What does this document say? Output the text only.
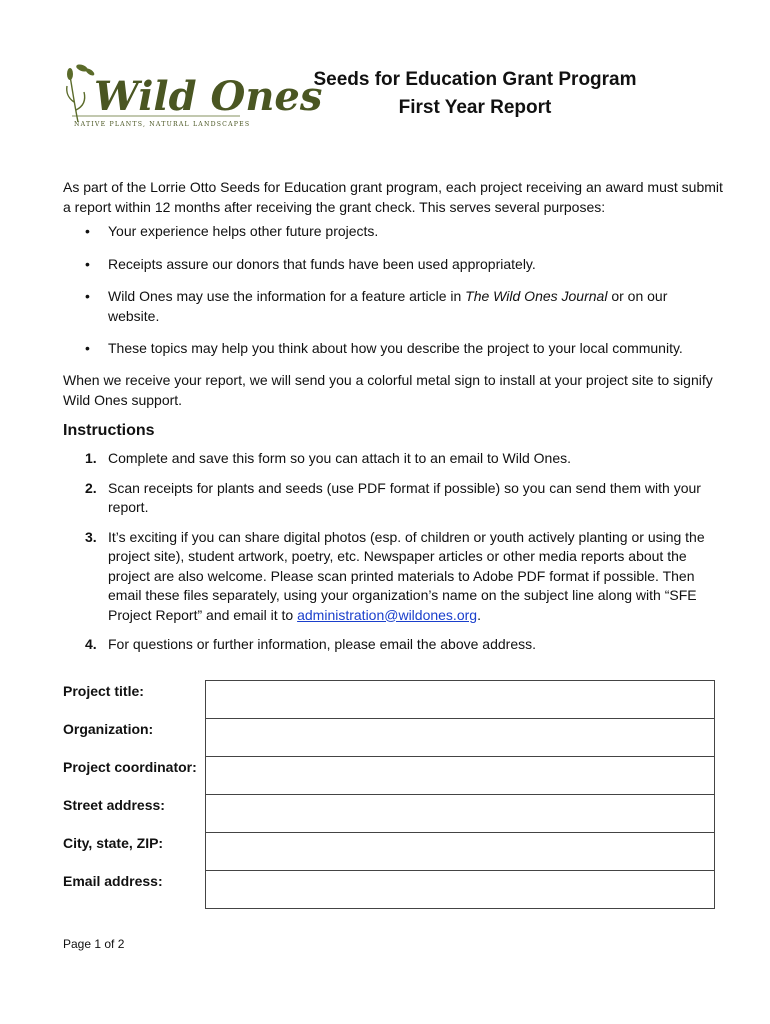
Wild Ones
NATIVE PLANTS, NATURAL LANDSCAPES
Seeds for Education Grant Program
First Year Report
As part of the Lorrie Otto Seeds for Education grant program, each project receiving an award must submit a report within 12 months after receiving the grant check. This serves several purposes:
• Your experience helps other future projects.
• Receipts assure our donors that funds have been used appropriately.
• Wild Ones may use the information for a feature article in The Wild Ones Journal or on our website.
• These topics may help you think about how you describe the project to your local community.
When we receive your report, we will send you a colorful metal sign to install at your project site to signify Wild Ones support.
Instructions
1. Complete and save this form so you can attach it to an email to Wild Ones.
2. Scan receipts for plants and seeds (use PDF format if possible) so you can send them with your report.
3. It’s exciting if you can share digital photos (esp. of children or youth actively planting or using the project site), student artwork, poetry, etc. Newspaper articles or other media reports about the project are also welcome. Please scan printed materials to Adobe PDF format if possible. Then email these files separately, using your organization’s name on the subject line along with “SFE Project Report” and email it to administration@wildones.org.
4. For questions or further information, please email the above address.
Project title:
Organization:
Project coordinator:
Street address:
City, state, ZIP:
Email address:
Page 1 of 2
